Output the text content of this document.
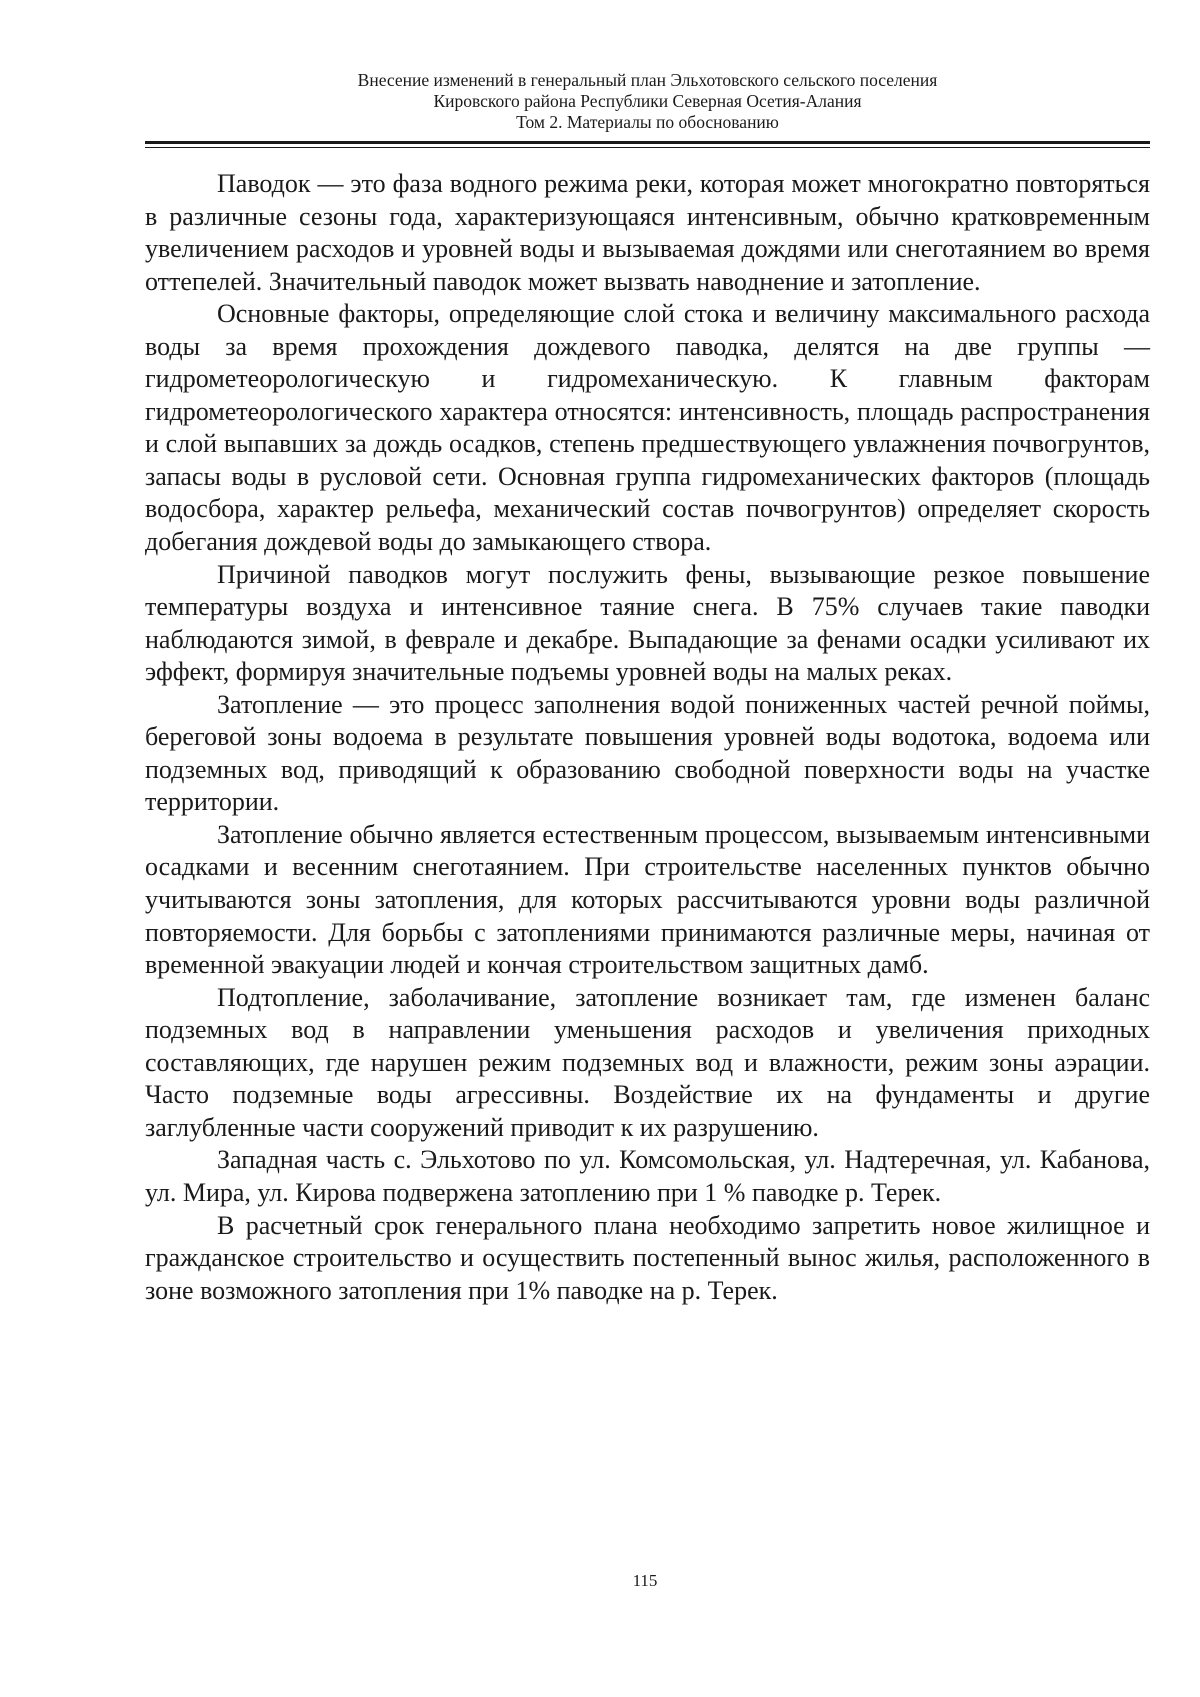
Внесение изменений в генеральный план Эльхотовского сельского поселения
Кировского района Республики Северная Осетия-Алания
Том 2. Материалы по обоснованию

Паводок — это фаза водного режима реки, которая может многократно повторяться в различные сезоны года, характеризующаяся интенсивным, обычно кратковременным увеличением расходов и уровней воды и вызываемая дождями или снеготаянием во время оттепелей. Значительный паводок может вызвать наводнение и затопление.

Основные факторы, определяющие слой стока и величину максимального расхода воды за время прохождения дождевого паводка, делятся на две группы — гидрометеорологическую и гидромеханическую. К главным факторам гидрометеорологического характера относятся: интенсивность, площадь распространения и слой выпавших за дождь осадков, степень предшествующего увлажнения почвогрунтов, запасы воды в русловой сети. Основная группа гидромеханических факторов (площадь водосбора, характер рельефа, механический состав почвогрунтов) определяет скорость добегания дождевой воды до замыкающего створа.

Причиной паводков могут послужить фены, вызывающие резкое повышение температуры воздуха и интенсивное таяние снега. В 75% случаев такие паводки наблюдаются зимой, в феврале и декабре. Выпадающие за фенами осадки усиливают их эффект, формируя значительные подъемы уровней воды на малых реках.

Затопление — это процесс заполнения водой пониженных частей речной поймы, береговой зоны водоема в результате повышения уровней воды водотока, водоема или подземных вод, приводящий к образованию свободной поверхности воды на участке территории.

Затопление обычно является естественным процессом, вызываемым интенсивными осадками и весенним снеготаянием. При строительстве населенных пунктов обычно учитываются зоны затопления, для которых рассчитываются уровни воды различной повторяемости. Для борьбы с затоплениями принимаются различные меры, начиная от временной эвакуации людей и кончая строительством защитных дамб.

Подтопление, заболачивание, затопление возникает там, где изменен баланс подземных вод в направлении уменьшения расходов и увеличения приходных составляющих, где нарушен режим подземных вод и влажности, режим зоны аэрации. Часто подземные воды агрессивны. Воздействие их на фундаменты и другие заглубленные части сооружений приводит к их разрушению.

Западная часть с. Эльхотово по ул. Комсомольская, ул. Надтеречная, ул. Кабанова, ул. Мира, ул. Кирова подвержена затоплению при 1 % паводке р. Терек.

В расчетный срок генерального плана необходимо запретить новое жилищное и гражданское строительство и осуществить постепенный вынос жилья, расположенного в зоне возможного затопления при 1% паводке на р. Терек.

115
